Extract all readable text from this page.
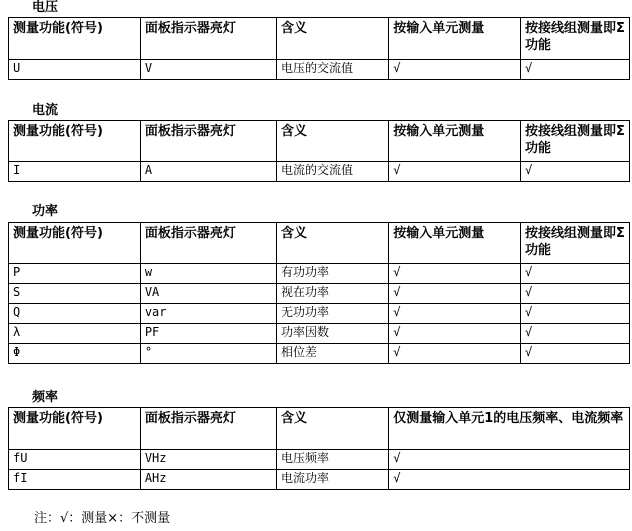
电压
测量功能(符号)	面板指示器亮灯	含义	按输入单元测量	按接线组测量即Σ功能
U	V	电压的交流值	√	√
电流
测量功能(符号)	面板指示器亮灯	含义	按输入单元测量	按接线组测量即Σ功能
I	A	电流的交流值	√	√
功率
测量功能(符号)	面板指示器亮灯	含义	按输入单元测量	按接线组测量即Σ功能
P	w	有功功率	√	√
S	VA	视在功率	√	√
Q	var	无功功率	√	√
λ	PF	功率因数	√	√
Φ	°	相位差	√	√
频率
测量功能(符号)	面板指示器亮灯	含义	仅测量输入单元1的电压频率、电流频率
fU	VHz	电压频率	√
fI	AHz	电流功率	√
注：√：测量×：不测量
